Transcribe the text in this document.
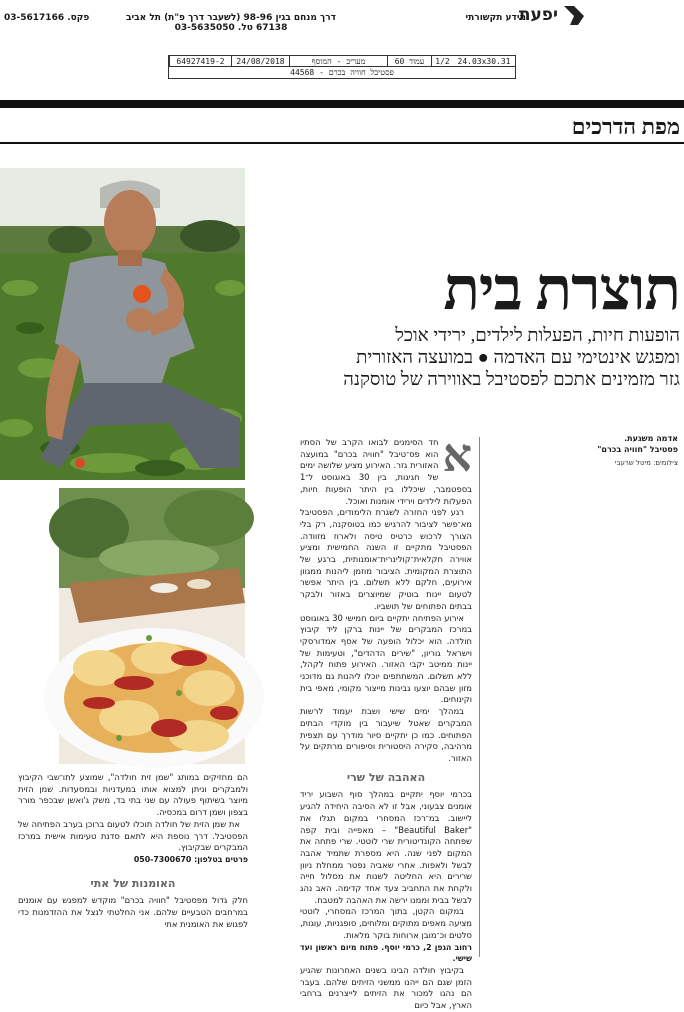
יפעת
מידע תקשורתי
דרך מנחם בגין 98-96 (לשעבר דרך פ"ת) תל אביב 67138 טל. 03-5635050
פקס. 03-5617166
64927419-2	24/08/2018	מעריב - המוסף	עמוד 60	1/2 24.03x30.31
פסטיבל חוויה בכרם - 44568
מפת הדרכים
תוצרת בית
הופעות חיות, הפעלות לילדים, ירידי אוכל
ומפגש אינטימי עם האדמה ● במועצה האזורית
גזר מזמינים אתכם לפסטיבל באווירה של טוסקנה
אדמה משגעת.
פסטיבל "חוויה בכרם"
צילומים: מיטל שרעבי
א

חד הסימנים לבואו הקרב של הסתיו הוא פס־טיבל "חוויה בכרם" במועצה האזורית גזר. האירוע מציע שלושה ימים של חגיגות, בין 30 באוגוסט ל־1 בספטמבר, שיכללו בין היתר הופעות חיות, הפעלות לילדים וירידי אומנות ואוכל.

רגע לפני החזרה לשגרת הלימודים, הפסטיבל מא־פשר לציבור להרגיש כמו בטוסקנה, רק בלי הצורך לרכוש כרטיס טיסה ולארוז מזוודה. הפסטיבל מתקיים זו השנה החמישית ומציע אווירה חקלאית־קולינרית־אומנותית, ברגע של התוצרת המקומית. הציבור מוזמן ליהנות ממגוון אירועים, חלקם ללא תשלום. בין היתר אפשר לטעום יינות בוטיק שמיוצרים באזור ולבקר בבתים הפתוחים של תושביו.

אירוע הפתיחה יתקיים ביום חמישי 30 באוגוסט במרכז המבקרים של יינות ברקן ליד קיבוץ חולדה. הוא יכלול הופעה של אסף אמדורסקי וישראל גוריון, "שירים הדהדים", וטעימות של יינות ממיטב יקבי האזור. האירוע פתוח לקהל, ללא תשלום. המשתתפים יוכלו ליהנות גם מדוכני מזון שבהם יוצעו גבינות מייצור מקומי, מאפי בית וקינוחים.

במהלך ימים שישי ושבת יעמוד לרשות המבקרים שאטל שיעבור בין מוקדי הבתים הפתוחים. כמו כן יתקיים סיור מודרך עם תצפית מרהיבה, סקירה היסטורית וסיפורים מרתקים על האזור.

האהבה של שרי

בכרמי יוסף יתקיים במהלך סוף השבוע יריד אומנים צבעוני, אבל זו לא הסיבה היחידה להגיע ליישוב. במ־רכז המסחרי במקום תגלו את "Beautiful Baker" – מאפייה ובית קפה שפתחה הקונדיטורית שרי לוטטי. שרי פתחה את המקום לפני שנה. היא מספרת שתמיד אהבה לבשל ולאפות. אחרי שאביה נפטר ממחלת ניוון שרירים היא החליטה לשנות את מסלול חייה ולקחת את התחביב צעד אחד קדימה. האב נהג לבשל בבית וממנו ירשה את האהבה למטבח.

במקום הקטן, בתוך המרכז המסחרי, לוטטי מציעה מאפים מתוקים ומלוחים, סופגניות, עוגות, סלטים וכ־מובן ארוחות בוקר מלאות.

רחוב הגפן 2, כרמי יוסף. פתוח מיום ראשון ועד שישי.

בקיבוץ חולדה הבינו בשנים האחרונות שהגיע הזמן שגם הם ייהנו ממשני הזיתים שלהם. בעבר הם נהגו למכור את הזיתים לייצרנים ברחבי הארץ, אבל כיום

הם מחזיקים במותג "שמן זית חולדה", שמוצע לתו־שבי הקיבוץ ולמבקרים וניתן למצוא אותו במעדניות ובמסעדות. שמן הזית מיוצר בשיתוף פעולה עם שני בתי בד, משק ג'ואשן שבכפר מורר בצפון ושמן דרום במכסיה.

את שמן הזית של חולדה תוכלו לטעום ברוכן בערב הפתיחה של הפסטיבל. דרך נוספת היא לתאם סדנת טעימות אישית במרכז המבקרים שבקיבוץ.

פרטים בטלפון: 050-7300670

האומנות של אתי

חלק גדול מפסטיבל "חוויה בכרם" מוקדש למפגש עם אומנים במרחבים הטבעיים שלהם. אני החלטתי לנצל את ההזדמנות כדי לפגוש את האומנית אתי
